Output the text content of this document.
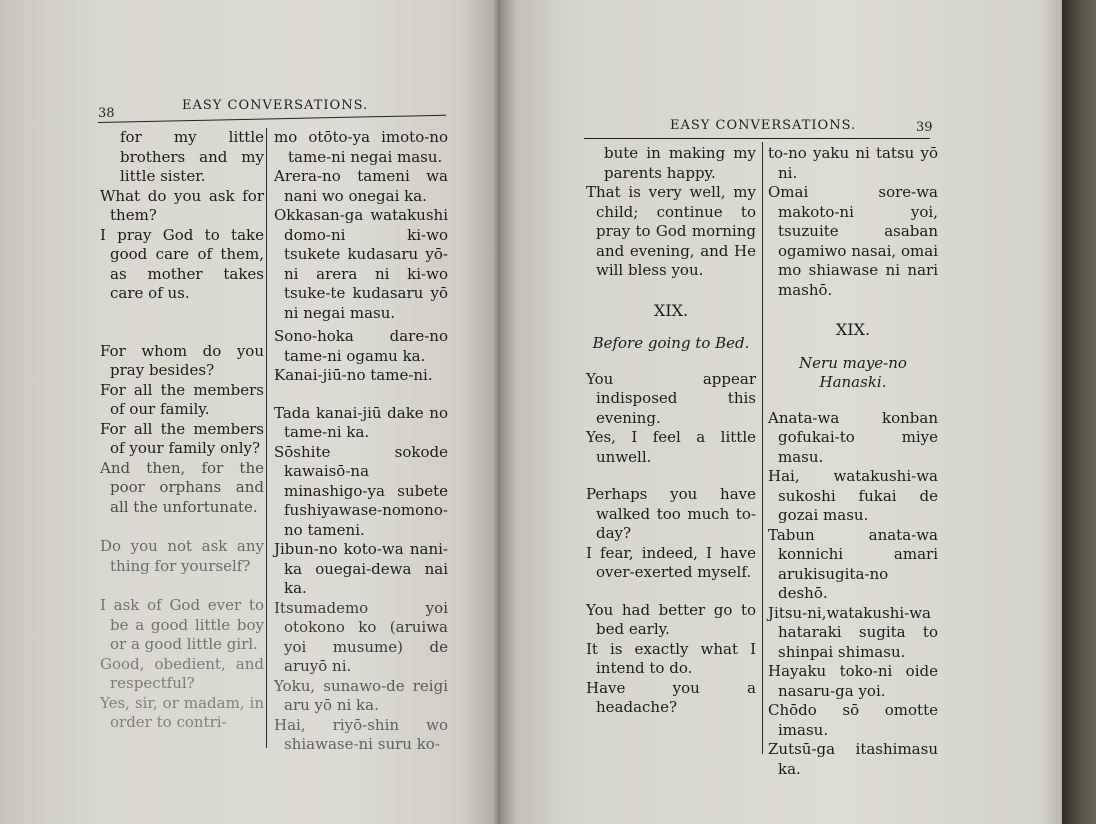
38
EASY CONVERSATIONS.
for my little brothers and my little sister.
What do you ask for them?
I pray God to take good care of them, as mother takes care of us.
For whom do you pray besides?
For all the members of our family.
For all the members of your family only?
And then, for the poor orphans and all the unfortunate.
Do you not ask any thing for yourself?
I ask of God ever to be a good little boy or a good little girl.
Good, obedient, and respectful?
Yes, sir, or madam, in order to contri-
mo otōto-ya imoto-no tame-ni negai masu.
Arera-no tameni wa nani wo onegai ka.
Okkasan-ga watakushi domo-ni ki-wo tsukete kudasaru yō-ni arera ni ki-wo tsuke-te kudasaru yō ni negai masu.
Sono-hoka dare-no tame-ni ogamu ka.
Kanai-jiū-no tame-ni.
Tada kanai-jiū dake no tame-ni ka.
Sōshite sokode kawaisō-na minashigo-ya subete fushiyawase-nomono-no tameni.
Jibun-no koto-wa nani-ka ouegai-dewa nai ka.
Itsumademo yoi otokono ko (aruiwa yoi musume) de aruyō ni.
Yoku, sunawo-de reigi aru yō ni ka.
Hai, riyō-shin wo shiawase-ni suru ko-
EASY CONVERSATIONS.	39
bute in making my parents happy.
That is very well, my child; continue to pray to God morning and evening, and He will bless you.
XIX.
Before going to Bed.
You appear indisposed this evening.
Yes, I feel a little unwell.
Perhaps you have walked too much to-day?
I fear, indeed, I have over-exerted myself.
You had better go to bed early.
It is exactly what I intend to do.
Have you a headache?
to-no yaku ni tatsu yō ni.
Omai sore-wa makoto-ni yoi, tsuzuite asaban ogamiwo nasai, omai mo shiawase ni nari mashō.
XIX.
Neru maye-no Hanaski.
Anata-wa konban gofukai-to miye masu.
Hai, watakushi-wa sukoshi fukai de gozai masu.
Tabun anata-wa konnichi amari arukisugita-no deshō.
Jitsu-ni,watakushi-wa hataraki sugita to shinpai shimasu.
Hayaku toko-ni oide nasaru-ga yoi.
Chōdo sō omotte imasu.
Zutsū-ga itashimasu ka.
